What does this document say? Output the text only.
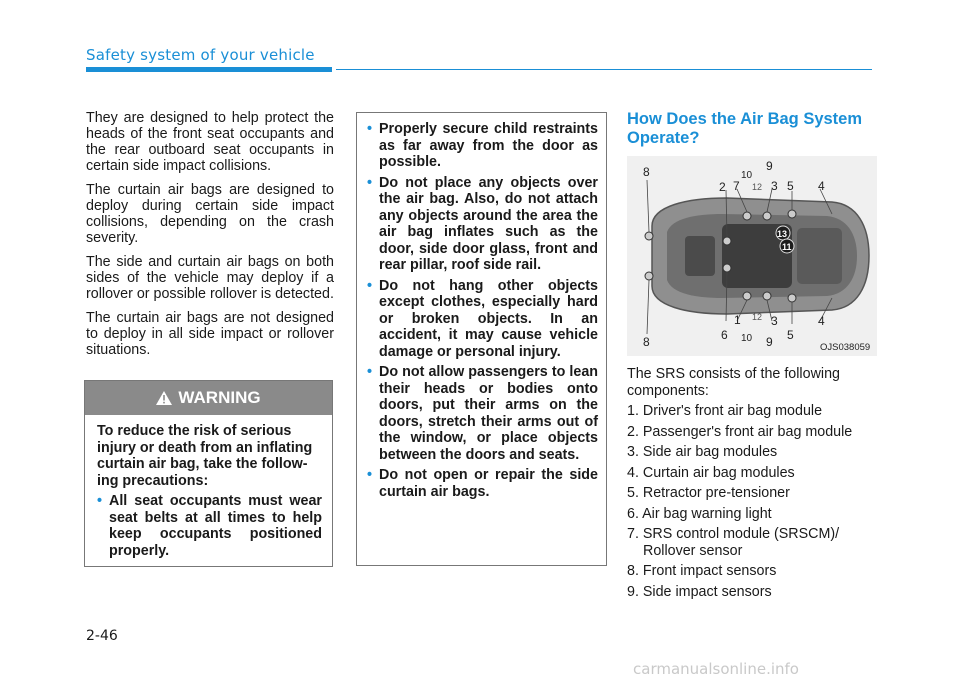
Safety system of your vehicle

They are designed to help protect the heads of the front seat occupants and the rear outboard seat occupants in certain side impact collisions.

The curtain air bags are designed to deploy during certain side impact collisions, depending on the crash severity.

The side and curtain air bags on both sides of the vehicle may deploy if a rollover or possible rollover is detected.

The curtain air bags are not designed to deploy in all side impact or rollover situations.

WARNING

To reduce the risk of serious injury or death from an inflating curtain air bag, take the follow-ing precautions:

• All seat occupants must wear seat belts at all times to help keep occupants positioned properly.
• Properly secure child restraints as far away from the door as possible.
• Do not place any objects over the air bag. Also, do not attach any objects around the area the air bag inflates such as the door, side door glass, front and rear pillar, roof side rail.
• Do not hang other objects except clothes, especially hard or broken objects. In an accident, it may cause vehicle damage or personal injury.
• Do not allow passengers to lean their heads or bodies onto doors, put their arms on the doors, stretch their arms out of the window, or place objects between the doors and seats.
• Do not open or repair the side curtain air bags.
How Does the Air Bag System Operate?
8
8
2 7
10
12
9
3 5 4
13
11
1
6 10
12 3
9 5
4
OJS038059

The SRS consists of the following components:

1. Driver's front air bag module
2. Passenger's front air bag module
3. Side air bag modules
4. Curtain air bag modules
5. Retractor pre-tensioner
6. Air bag warning light
7. SRS control module (SRSCM)/ Rollover sensor
8. Front impact sensors
9. Side impact sensors
2-46
carmanualsonline.info
